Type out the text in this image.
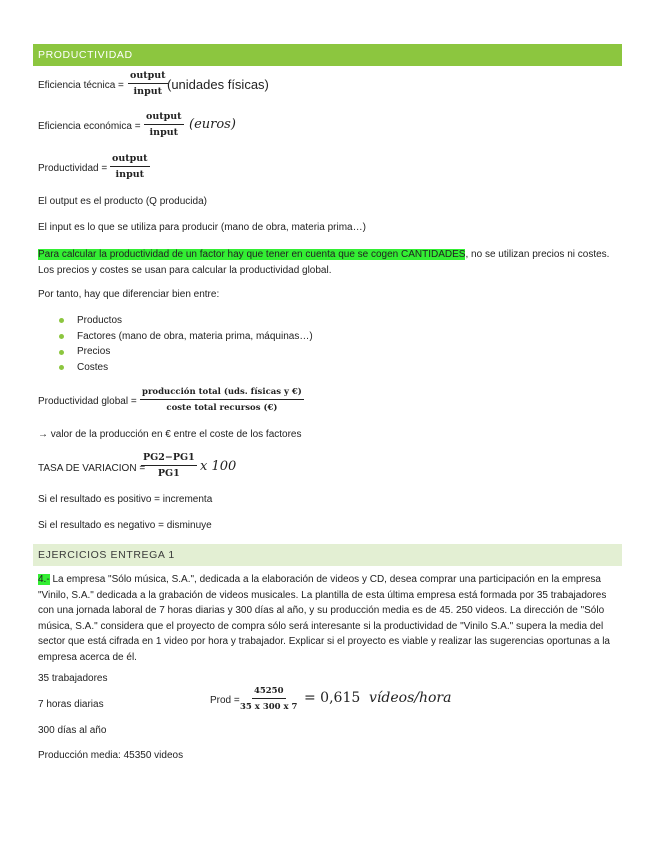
PRODUCTIVIDAD
Eficiencia técnica =
output
input (unidades físicas)
Eficiencia económica =
output
input
(euros)
Productividad =
output
input
El output es el producto (Q producida)
El input es lo que se utiliza para producir (mano de obra, materia prima…)
Para calcular la productividad de un factor hay que tener en cuenta que se cogen CANTIDADES, no se utilizan precios ni costes.
Los precios y costes se usan para calcular la productividad global.
Por tanto, hay que diferenciar bien entre:
Productos
Factores (mano de obra, materia prima, máquinas…)
Precios
Costes
Productividad global =
producción total (uds. físicas y €)
coste total recursos (€)
→ valor de la producción en € entre el coste de los factores
TASA DE VARIACION =
$\frac{PG2-PG1}{PG1}$ x 100
Si el resultado es positivo = incrementa
Si el resultado es negativo = disminuye
EJERCICIOS ENTREGA 1
4.- La empresa "Sólo música, S.A.", dedicada a la elaboración de videos y CD, desea comprar una participación en la empresa "Vinilo, S.A." dedicada a la grabación de videos musicales. La plantilla de esta última empresa está formada por 35 trabajadores con una jornada laboral de 7 horas diarias y 300 días al año, y su producción media es de 45. 250 videos. La dirección de "Sólo música, S.A." considera que el proyecto de compra sólo será interesante si la productividad de "Vinilo S.A." supera la media del sector que está cifrada en 1 video por hora y trabajador. Explicar si el proyecto es viable y realizar las sugerencias oportunas a la empresa acerca de él.
35 trabajadores
7 horas diarias
300 días al año
Producción media: 45350 videos
Prod = $\frac{45250}{35 x 300 x 7} = 0,615$ vídeos/hora
